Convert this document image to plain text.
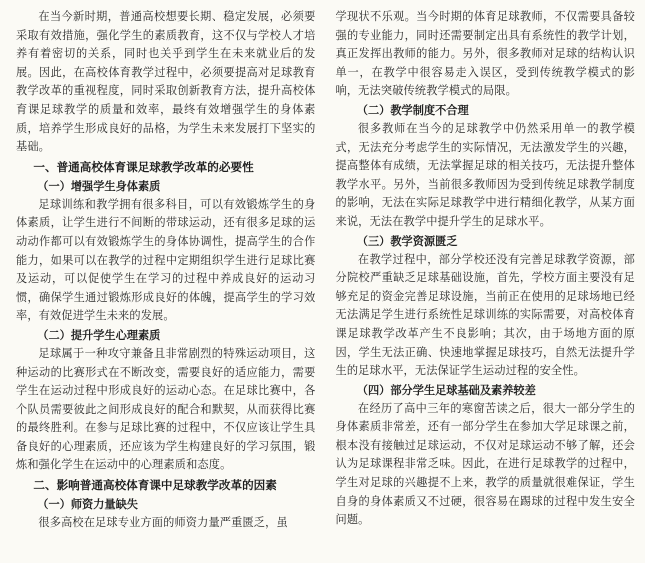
在当今新时期，普通高校想要长期、稳定发展，必须要采取有效措施，强化学生的素质教育，这不仅与学校人才培养有着密切的关系，同时也关乎到学生在未来就业后的发展。因此，在高校体育教学过程中，必须要提高对足球教育教学改革的重视程度，同时采取创新教育方法，提升高校体育课足球教学的质量和效率，最终有效增强学生的身体素质，培养学生形成良好的品格，为学生未来发展打下坚实的基础。

一、普通高校体育课足球教学改革的必要性
（一）增强学生身体素质

足球训练和教学拥有很多科目，可以有效锻炼学生的身体素质，让学生进行不间断的带球运动，还有很多足球的运动动作都可以有效锻炼学生的身体协调性，提高学生的合作能力，如果可以在教学的过程中定期组织学生进行足球比赛及运动，可以促使学生在学习的过程中养成良好的运动习惯，确保学生通过锻炼形成良好的体魄，提高学生的学习效率，有效促进学生未来的发展。

（二）提升学生心理素质

足球属于一种攻守兼备且非常剧烈的特殊运动项目，这种运动的比赛形式在不断改变，需要良好的适应能力，需要学生在运动过程中形成良好的运动心态。在足球比赛中，各个队员需要彼此之间形成良好的配合和默契，从而获得比赛的最终胜利。在参与足球比赛的过程中，不仅应该让学生具备良好的心理素质，还应该为学生构建良好的学习氛围，锻炼和强化学生在运动中的心理素质和态度。

二、影响普通高校体育课中足球教学改革的因素
（一）师资力量缺失

很多高校在足球专业方面的师资力量严重匮乏，虽

学现状不乐观。当今时期的体育足球教师，不仅需要具备较强的专业能力，同时还需要制定出具有系统性的教学计划，真正发挥出教师的能力。另外，很多教师对足球的结构认识单一，在教学中很容易走入误区，受到传统教学模式的影响，无法突破传统教学模式的局限。

（二）教学制度不合理

很多教师在当今的足球教学中仍然采用单一的教学模式，无法充分考虑学生的实际情况，无法激发学生的兴趣，提高整体有成绩，无法掌握足球的相关技巧，无法提升整体教学水平。另外，当前很多教师因为受到传统足球教学制度的影响，无法在实际足球教学中进行精细化教学，从某方面来说，无法在教学中提升学生的足球水平。

（三）教学资源匮乏

在教学过程中，部分学校还没有完善足球教学资源，部分院校严重缺乏足球基础设施，首先，学校方面主要没有足够充足的资金完善足球设施，当前正在使用的足球场地已经无法满足学生进行系统性足球训练的实际需要，对高校体育课足球教学改革产生不良影响；其次，由于场地方面的原因，学生无法正确、快速地掌握足球技巧，自然无法提升学生的足球水平，无法保证学生运动过程的安全性。

（四）部分学生足球基础及素养较差

在经历了高中三年的寒窗苦读之后，很大一部分学生的身体素质非常差，还有一部分学生在参加大学足球课之前，根本没有接触过足球运动，不仅对足球运动不够了解，还会认为足球课程非常乏味。因此，在进行足球教学的过程中，学生对足球的兴趣提不上来，教学的质量就很难保证，学生自身的身体素质又不过硬，很容易在踢球的过程中发生安全问题。
